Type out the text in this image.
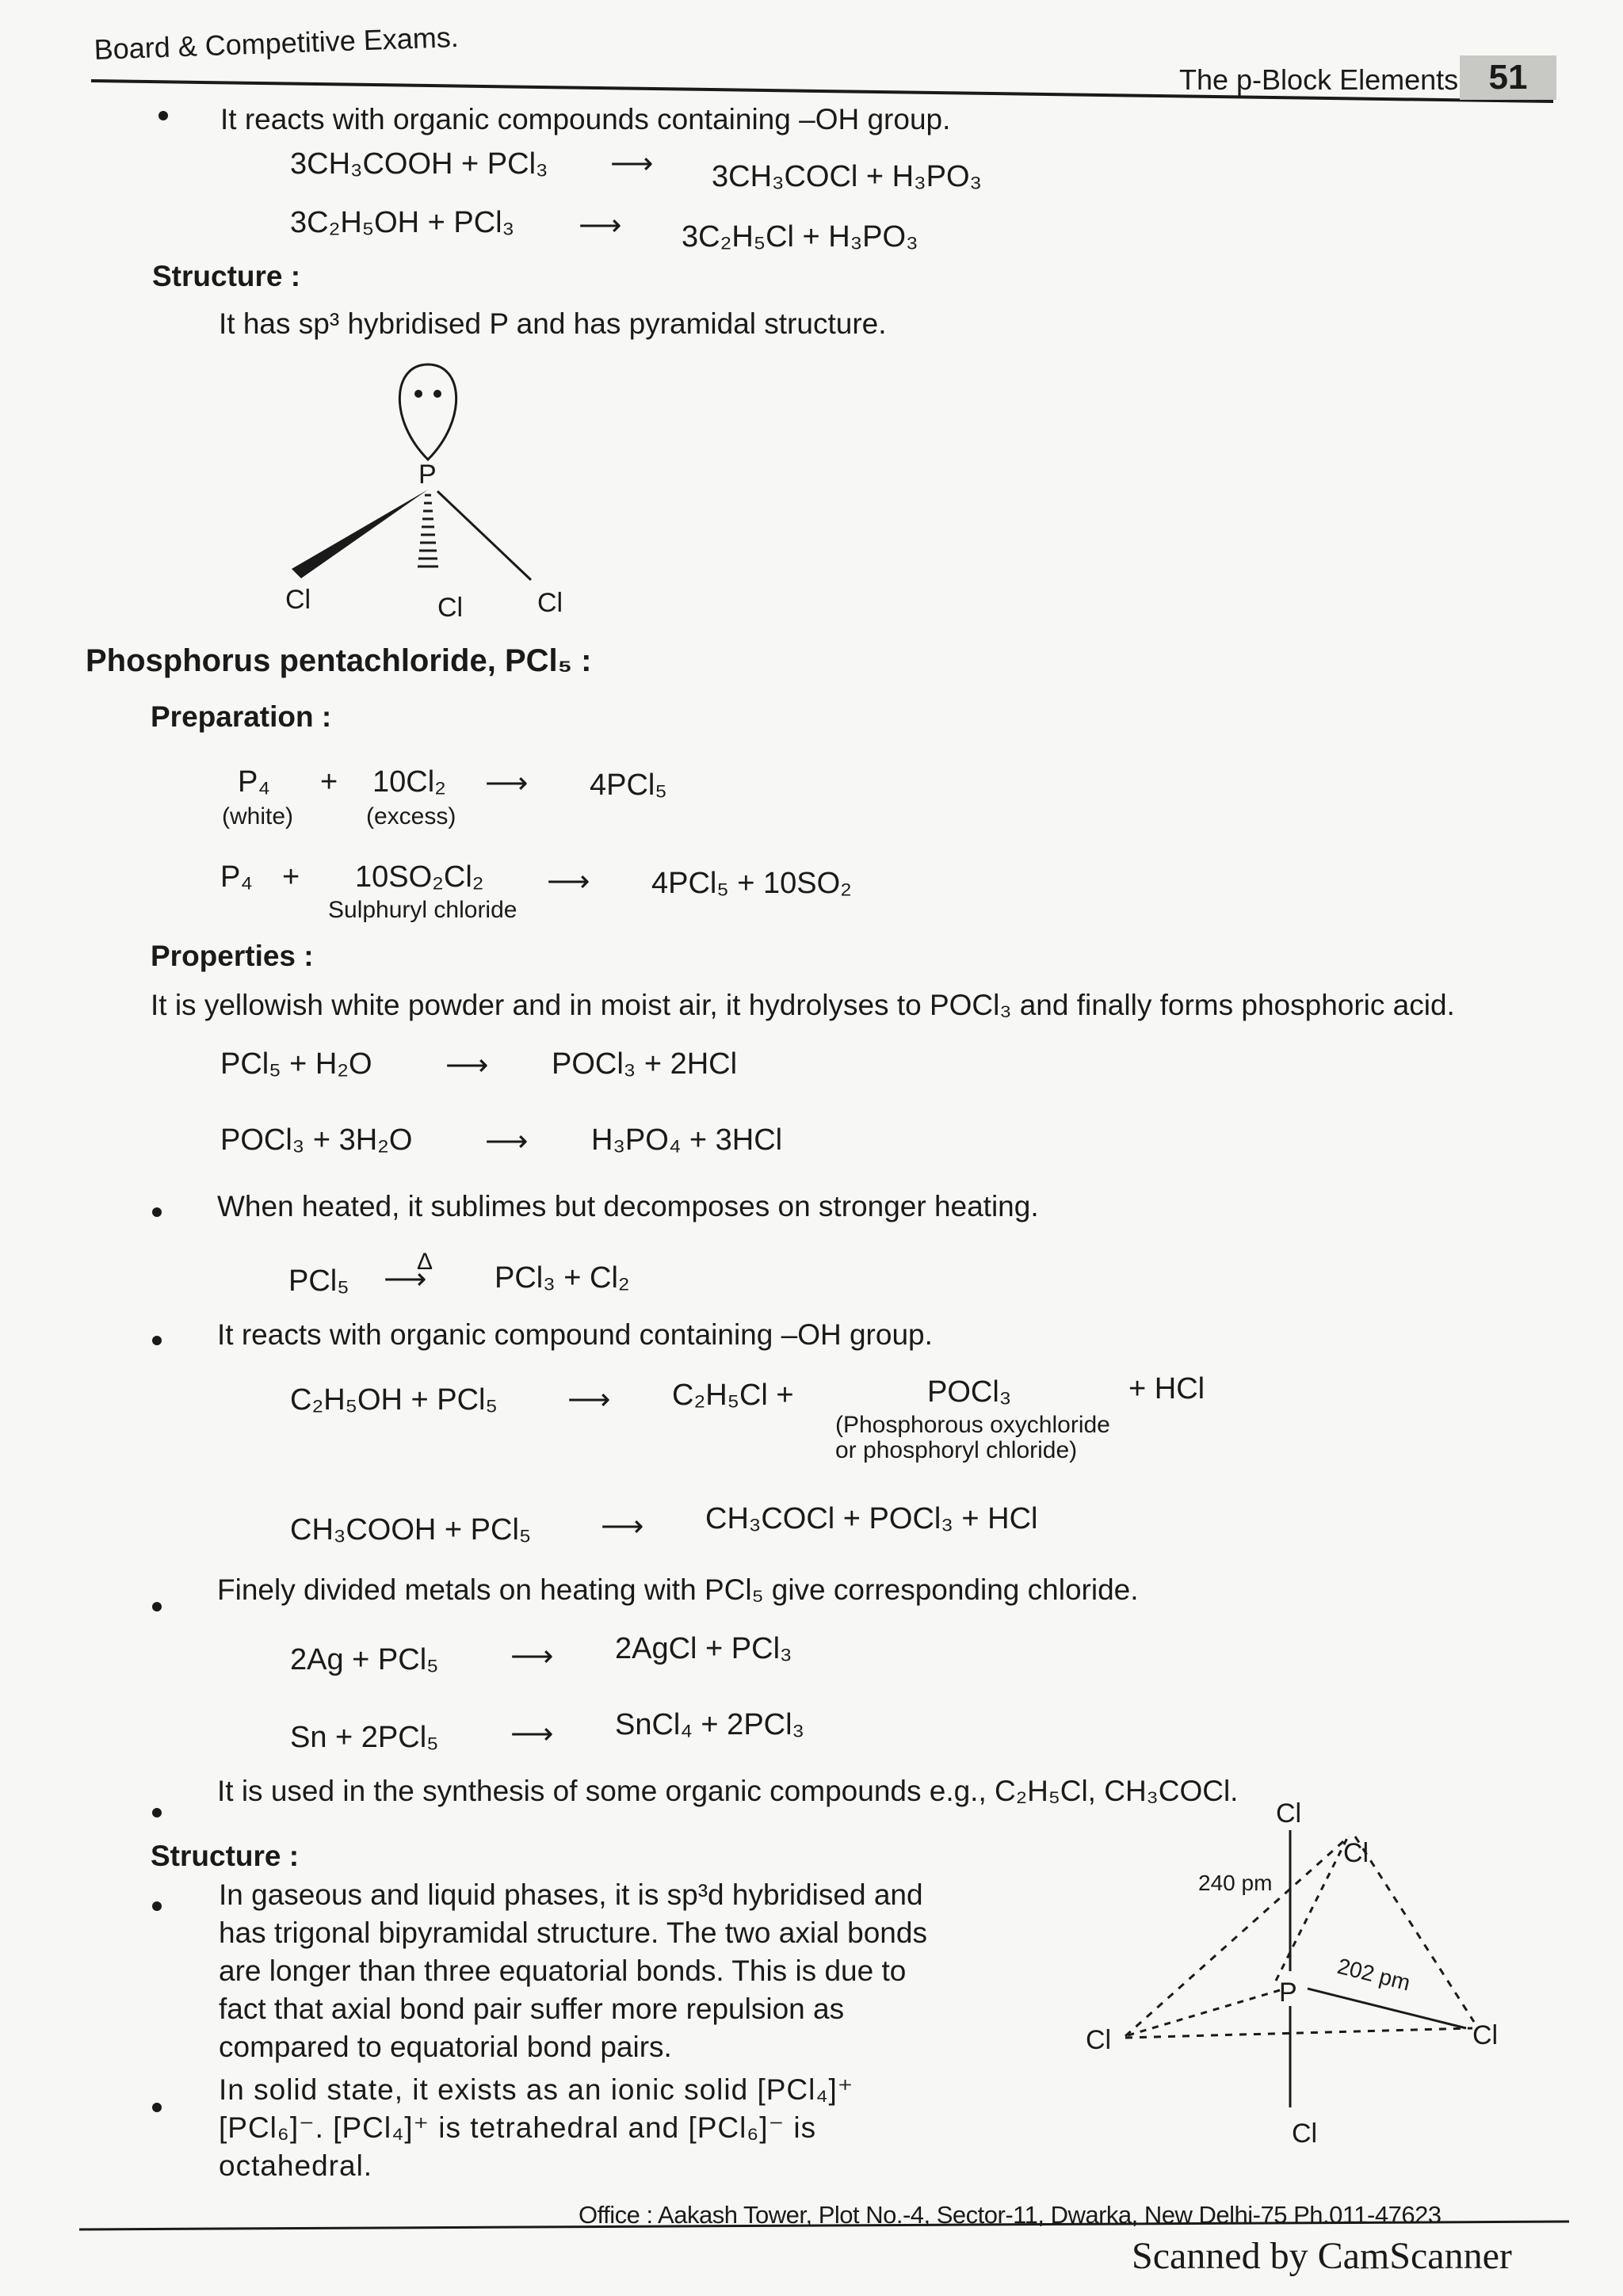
Board & Competitive Exams.
The p-Block Elements 51
It reacts with organic compounds containing –OH group.
3CH₃COOH + PCl₃ ⟶ 3CH₃COCl + H₃PO₃
3C₂H₅OH + PCl₃ ⟶ 3C₂H₅Cl + H₃PO₃
Structure :
It has sp³ hybridised P and has pyramidal structure.
P
Cl	Cl	Cl
Phosphorus pentachloride, PCl₅ :
Preparation :
P₄
(white)
+ 10Cl₂
(excess)
⟶ 4PCl₅
P₄ + 10SO₂Cl₂
Sulphuryl chloride
⟶ 4PCl₅ + 10SO₂
Properties :
It is yellowish white powder and in moist air, it hydrolyses to POCl₃ and finally forms phosphoric acid.
PCl₅ + H₂O ⟶ POCl₃ + 2HCl
POCl₃ + 3H₂O ⟶ H₃PO₄ + 3HCl
When heated, it sublimes but decomposes on stronger heating.
PCl₅
Δ
⟶ PCl₃ + Cl₂
It reacts with organic compound containing –OH group.
C₂H₅OH + PCl₅ ⟶ C₂H₅Cl +	POCl₃
(Phosphorous oxychloride
or phosphoryl chloride)
+ HCl
CH₃COOH + PCl₅ ⟶ CH₃COCl + POCl₃ + HCl
Finely divided metals on heating with PCl₅ give corresponding chloride.
2Ag + PCl₅ ⟶ 2AgCl + PCl₃
Sn + 2PCl₅ ⟶ SnCl₄ + 2PCl₃
It is used in the synthesis of some organic compounds e.g., C₂H₅Cl, CH₃COCl.
Structure :
In gaseous and liquid phases, it is sp³d hybridised and
has trigonal bipyramidal structure. The two axial bonds
are longer than three equatorial bonds. This is due to
fact that axial bond pair suffer more repulsion as
compared to equatorial bond pairs.
In solid state, it exists as an ionic solid [PCl₄]⁺
[PCl₆]⁻. [PCl₄]⁺ is tetrahedral and [PCl₆]⁻ is
octahedral.
P
Cl
Cl
Cl
Cl
Cl
240 pm
202 pm
Office : Aakash Tower, Plot No.-4, Sector-11, Dwarka, New Delhi-75 Ph.011-47623
Scanned by CamScanner
